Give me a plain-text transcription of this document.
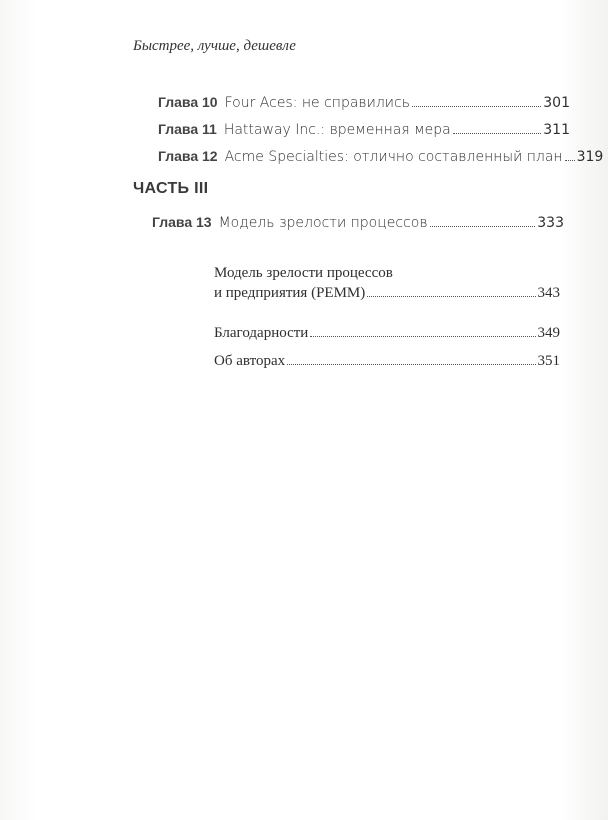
Быстрее, лучше, дешевле
Глава 10 Four Aces: не справились	301
Глава 11 Hattaway Inc.: временная мера	311
Глава 12 Acme Specialties: отлично составленный план 319
ЧАСТЬ III
Глава 13 Модель зрелости процессов	333
Модель зрелости процессов
и предприятия (PEMM)	343
Благодарности	349
Об авторах	351
